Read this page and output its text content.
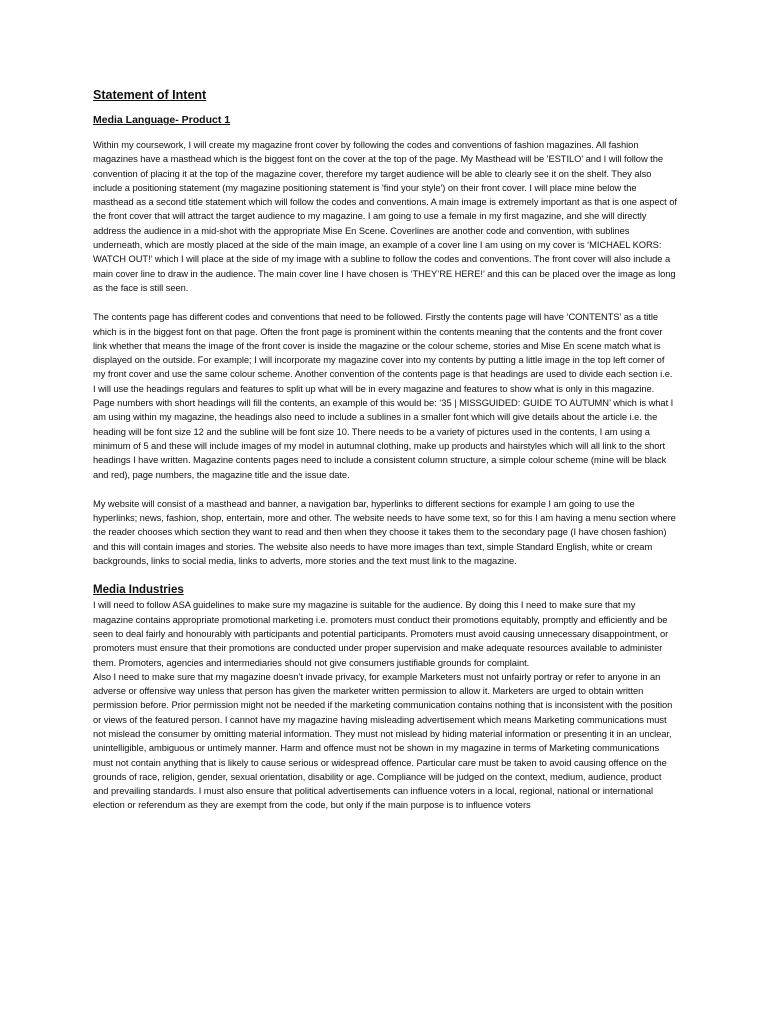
Statement of Intent
Media Language- Product 1

Within my coursework, I will create my magazine front cover by following the codes and conventions of fashion magazines. All fashion magazines have a masthead which is the biggest font on the cover at the top of the page. My Masthead will be 'ESTILO' and I will follow the convention of placing it at the top of the magazine cover, therefore my target audience will be able to clearly see it on the shelf. They also include a positioning statement (my magazine positioning statement is 'find your style') on their front cover. I will place mine below the masthead as a second title statement which will follow the codes and conventions. A main image is extremely important as that is one aspect of the front cover that will attract the target audience to my magazine. I am going to use a female in my first magazine, and she will directly address the audience in a mid-shot with the appropriate Mise En Scene. Coverlines are another code and convention, with sublines underneath, which are mostly placed at the side of the main image, an example of a cover line I am using on my cover is ‘MICHAEL KORS: WATCH OUT!’ which I will place at the side of my image with a subline to follow the codes and conventions. The front cover will also include a main cover line to draw in the audience. The main cover line I have chosen is ‘THEY’RE HERE!’ and this can be placed over the image as long as the face is still seen.

The contents page has different codes and conventions that need to be followed. Firstly the contents page will have ‘CONTENTS’ as a title which is in the biggest font on that page. Often the front page is prominent within the contents meaning that the contents and the front cover link whether that means the image of the front cover is inside the magazine or the colour scheme, stories and Mise En scene match what is displayed on the outside. For example; I will incorporate my magazine cover into my contents by putting a little image in the top left corner of my front cover and use the same colour scheme. Another convention of the contents page is that headings are used to divide each section i.e. I will use the headings regulars and features to split up what will be in every magazine and features to show what is only in this magazine. Page numbers with short headings will fill the contents, an example of this would be: ‘35 | MISSGUIDED: GUIDE TO AUTUMN’ which is what I am using within my magazine, the headings also need to include a sublines in a smaller font which will give details about the article i.e. the heading will be font size 12 and the subline will be font size 10. There needs to be a variety of pictures used in the contents, I am using a minimum of 5 and these will include images of my model in autumnal clothing, make up products and hairstyles which will all link to the short headings I have written. Magazine contents pages need to include a consistent column structure, a simple colour scheme (mine will be black and red), page numbers, the magazine title and the issue date.

My website will consist of a masthead and banner, a navigation bar, hyperlinks to different sections for example I am going to use the hyperlinks; news, fashion, shop, entertain, more and other. The website needs to have some text, so for this I am having a menu section where the reader chooses which section they want to read and then when they choose it takes them to the secondary page (I have chosen fashion) and this will contain images and stories. The website also needs to have more images than text, simple Standard English, white or cream backgrounds, links to social media, links to adverts, more stories and the text must link to the magazine.

Media Industries

I will need to follow ASA guidelines to make sure my magazine is suitable for the audience. By doing this I need to make sure that my magazine contains appropriate promotional marketing i.e. promoters must conduct their promotions equitably, promptly and efficiently and be seen to deal fairly and honourably with participants and potential participants. Promoters must avoid causing unnecessary disappointment, or promoters must ensure that their promotions are conducted under proper supervision and make adequate resources available to administer them. Promoters, agencies and intermediaries should not give consumers justifiable grounds for complaint.

Also I need to make sure that my magazine doesn’t invade privacy, for example Marketers must not unfairly portray or refer to anyone in an adverse or offensive way unless that person has given the marketer written permission to allow it. Marketers are urged to obtain written permission before. Prior permission might not be needed if the marketing communication contains nothing that is inconsistent with the position or views of the featured person. I cannot have my magazine having misleading advertisement which means Marketing communications must not mislead the consumer by omitting material information. They must not mislead by hiding material information or presenting it in an unclear, unintelligible, ambiguous or untimely manner. Harm and offence must not be shown in my magazine in terms of Marketing communications must not contain anything that is likely to cause serious or widespread offence. Particular care must be taken to avoid causing offence on the grounds of race, religion, gender, sexual orientation, disability or age. Compliance will be judged on the context, medium, audience, product and prevailing standards. I must also ensure that political advertisements can influence voters in a local, regional, national or international election or referendum as they are exempt from the code, but only if the main purpose is to influence voters
